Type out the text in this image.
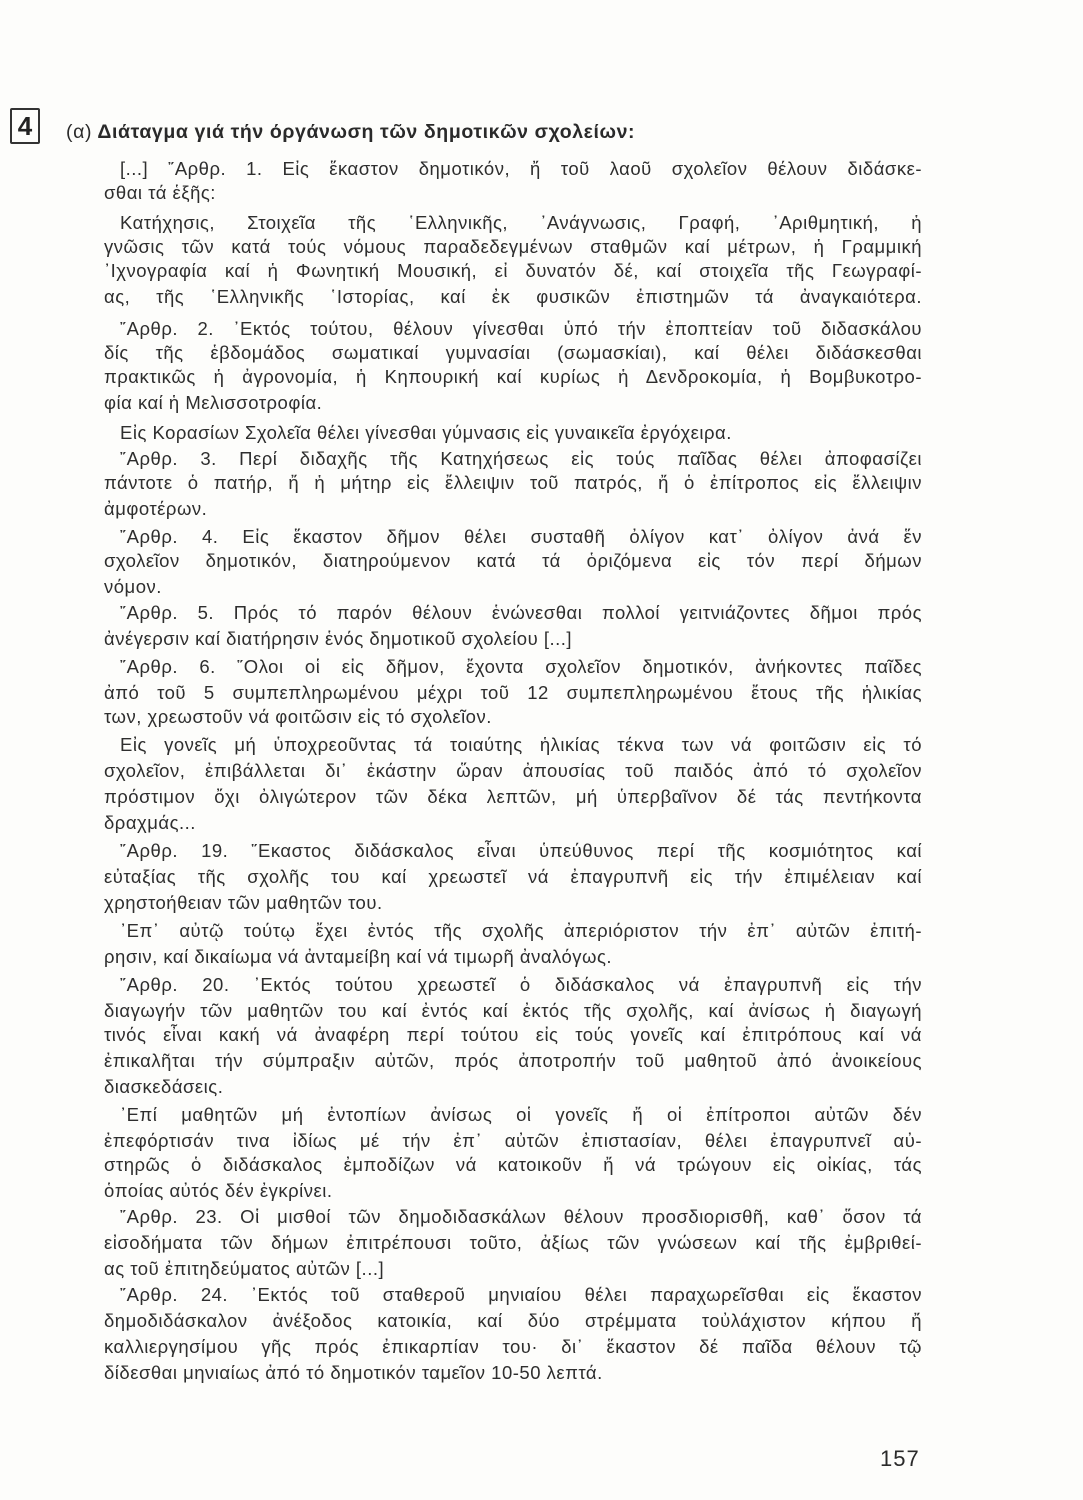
4	(α) Διάταγμα γιά τήν όργάνωση τῶν δημοτικῶν σχολείων:
[...] ῎Αρθρ. 1. Εἰς ἕκαστον δημοτικόν, ἤ τοῦ λαοῦ σχολεῖον θέλουν διδάσκε-
σθαι τά ἑξῆς:
Κατήχησις, Στοιχεῖα τῆς ῾Ελληνικῆς, ᾿Ανάγνωσις, Γραφή, ᾿Αριθμητική, ἡ
γνῶσις τῶν κατά τούς νόμους παραδεδεγμένων σταθμῶν καί μέτρων, ἡ Γραμμική
᾿Ιχνογραφία καί ἡ Φωνητική Μουσική, εἰ δυνατόν δέ, καί στοιχεῖα τῆς Γεωγραφί-
ας, τῆς ῾Ελληνικῆς ῾Ιστορίας, καί ἐκ φυσικῶν ἐπιστημῶν τά ἀναγκαιότερα.
῎Αρθρ. 2. ᾿Εκτός τούτου, θέλουν γίνεσθαι ὑπό τήν ἐποπτείαν τοῦ διδασκάλου
δίς τῆς ἑβδομάδος σωματικαί γυμνασίαι (σωμασκίαι), καί θέλει διδάσκεσθαι
πρακτικῶς ἡ ἀγρονομία, ἡ Κηπουρική καί κυρίως ἡ Δενδροκομία, ἡ Βομβυκοτρο-
φία καί ἡ Μελισσοτροφία.
Εἰς Κορασίων Σχολεῖα θέλει γίνεσθαι γύμνασις εἰς γυναικεῖα ἐργόχειρα.
῎Αρθρ. 3. Περί διδαχῆς τῆς Κατηχήσεως εἰς τούς παῖδας θέλει ἀποφασίζει
πάντοτε ὁ πατήρ, ἤ ἡ μήτηρ εἰς ἔλλειψιν τοῦ πατρός, ἤ ὁ ἐπίτροπος εἰς ἔλλειψιν
ἀμφοτέρων.
῎Αρθρ. 4. Εἰς ἕκαστον δῆμον θέλει συσταθῆ ὀλίγον κατ᾿ ὀλίγον ἀνά ἕν
σχολεῖον δημοτικόν, διατηρούμενον κατά τά ὁριζόμενα εἰς τόν περί δήμων
νόμον.
῎Αρθρ. 5. Πρός τό παρόν θέλουν ἑνώνεσθαι πολλοί γειτνιάζοντες δῆμοι πρός
ἀνέγερσιν καί διατήρησιν ἑνός δημοτικοῦ σχολείου [...]
῎Αρθρ. 6. ῞Ολοι οἱ εἰς δῆμον, ἔχοντα σχολεῖον δημοτικόν, ἀνήκοντες παῖδες
ἀπό τοῦ 5 συμπεπληρωμένου μέχρι τοῦ 12 συμπεπληρωμένου ἔτους τῆς ἡλικίας
των, χρεωστοῦν νά φοιτῶσιν εἰς τό σχολεῖον.
Εἰς γονεῖς μή ὑποχρεοῦντας τά τοιαύτης ἡλικίας τέκνα των νά φοιτῶσιν εἰς τό
σχολεῖον, ἐπιβάλλεται δι᾿ ἑκάστην ὥραν ἀπουσίας τοῦ παιδός ἀπό τό σχολεῖον
πρόστιμον ὄχι ὀλιγώτερον τῶν δέκα λεπτῶν, μή ὑπερβαῖνον δέ τάς πεντήκοντα
δραχμάς...
῎Αρθρ. 19. ῞Εκαστος διδάσκαλος εἶναι ὑπεύθυνος περί τῆς κοσμιότητος καί
εὐταξίας τῆς σχολῆς του καί χρεωστεῖ νά ἐπαγρυπνῆ εἰς τήν ἐπιμέλειαν καί
χρηστοήθειαν τῶν μαθητῶν του.
᾿Επ᾿ αὐτῷ τούτῳ ἔχει ἐντός τῆς σχολῆς ἀπεριόριστον τήν ἐπ᾿ αὐτῶν ἐπιτή-
ρησιν, καί δικαίωμα νά ἀνταμείβη καί νά τιμωρῆ ἀναλόγως.
῎Αρθρ. 20. ᾿Εκτός τούτου χρεωστεῖ ὁ διδάσκαλος νά ἐπαγρυπνῆ εἰς τήν
διαγωγήν τῶν μαθητῶν του καί ἐντός καί ἐκτός τῆς σχολῆς, καί ἀνίσως ἡ διαγωγή
τινός εἶναι κακή νά ἀναφέρη περί τούτου εἰς τούς γονεῖς καί ἐπιτρόπους καί νά
ἐπικαλῆται τήν σύμπραξιν αὐτῶν, πρός ἀποτροπήν τοῦ μαθητοῦ ἀπό ἀνοικείους
διασκεδάσεις.
᾿Επί μαθητῶν μή ἐντοπίων ἀνίσως οἱ γονεῖς ἤ οἱ ἐπίτροποι αὐτῶν δέν
ἐπεφόρτισάν τινα ἰδίως μέ τήν ἐπ᾿ αὐτῶν ἐπιστασίαν, θέλει ἐπαγρυπνεῖ αὐ-
στηρῶς ὁ διδάσκαλος ἐμποδίζων νά κατοικοῦν ἤ νά τρώγουν εἰς οἰκίας, τάς
ὁποίας αὐτός δέν ἐγκρίνει.
῎Αρθρ. 23. Οἱ μισθοί τῶν δημοδιδασκάλων θέλουν προσδιορισθῆ, καθ᾿ ὅσον τά
εἰσοδήματα τῶν δήμων ἐπιτρέπουσι τοῦτο, ἀξίως τῶν γνώσεων καί τῆς ἐμβριθεί-
ας τοῦ ἐπιτηδεύματος αὐτῶν [...]
῎Αρθρ. 24. ᾿Εκτός τοῦ σταθεροῦ μηνιαίου θέλει παραχωρεῖσθαι εἰς ἕκαστον
δημοδιδάσκαλον ἀνέξοδος κατοικία, καί δύο στρέμματα τοὐλάχιστον κήπου ἤ
καλλιεργησίμου γῆς πρός ἐπικαρπίαν του· δι᾿ ἕκαστον δέ παῖδα θέλουν τῷ
δίδεσθαι μηνιαίως ἀπό τό δημοτικόν ταμεῖον 10-50 λεπτά.
157
